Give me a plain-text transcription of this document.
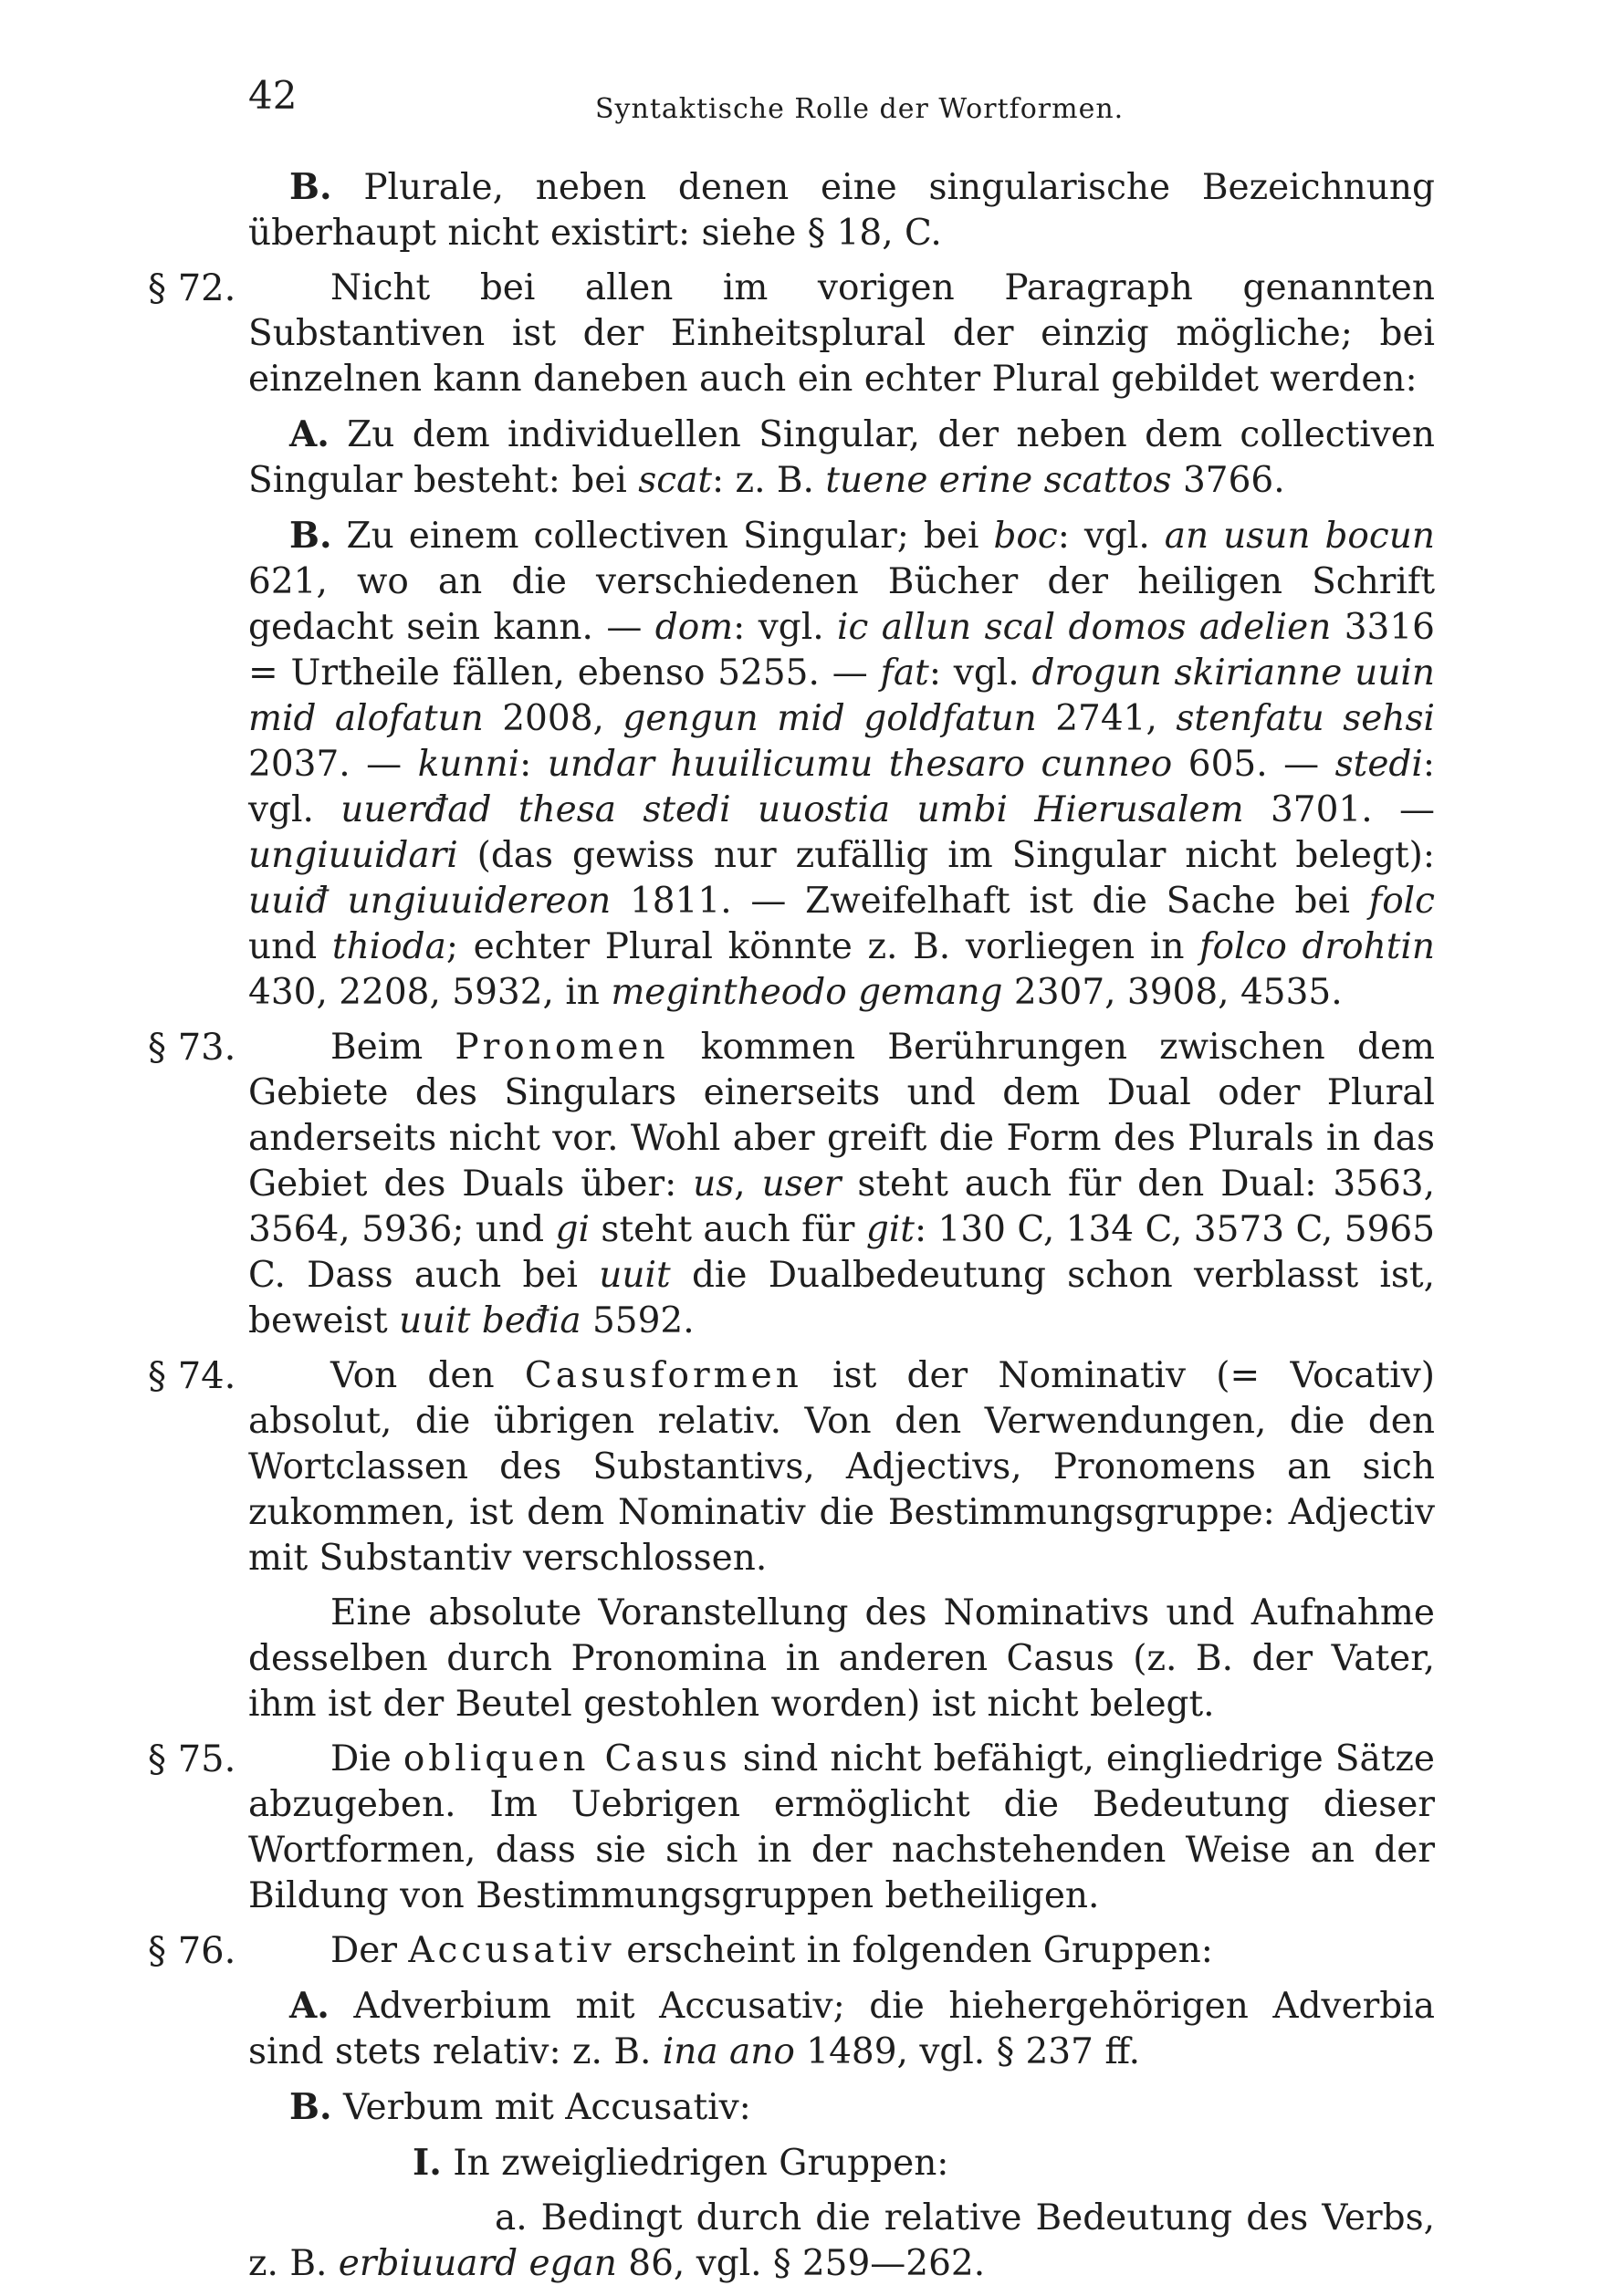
42	Syntaktische Rolle der Wortformen.

B. Plurale, neben denen eine singularische Bezeichnung überhaupt nicht existirt: siehe § 18, C.

§ 72.	Nicht bei allen im vorigen Paragraph genannten Substantiven ist der Einheitsplural der einzig mögliche; bei einzelnen kann daneben auch ein echter Plural gebildet werden:

A. Zu dem individuellen Singular, der neben dem collectiven Singular besteht: bei scat: z. B. tuene erine scattos 3766.

B. Zu einem collectiven Singular; bei boc: vgl. an usun bocun 621, wo an die verschiedenen Bücher der heiligen Schrift gedacht sein kann. — dom: vgl. ic allun scal domos adelien 3316 = Urtheile fällen, ebenso 5255. — fat: vgl. drogun skirianne uuin mid alofatun 2008, gengun mid goldfatun 2741, stenfatu sehsi 2037. — kunni: undar huuilicumu thesaro cunneo 605. — stedi: vgl. uuerđad thesa stedi uuostia umbi Hierusalem 3701. — ungiuuidari (das gewiss nur zufällig im Singular nicht belegt): uuiđ ungiuuidereon 1811. — Zweifelhaft ist die Sache bei folc und thioda; echter Plural könnte z. B. vorliegen in folco drohtin 430, 2208, 5932, in megintheodo gemang 2307, 3908, 4535.

§ 73.	Beim Pronomen kommen Berührungen zwischen dem Gebiete des Singulars einerseits und dem Dual oder Plural anderseits nicht vor. Wohl aber greift die Form des Plurals in das Gebiet des Duals über: us, user steht auch für den Dual: 3563, 3564, 5936; und gi steht auch für git: 130 C, 134 C, 3573 C, 5965 C. Dass auch bei uuit die Dualbedeutung schon verblasst ist, beweist uuit beđia 5592.

§ 74.	Von den Casusformen ist der Nominativ (= Vocativ) absolut, die übrigen relativ. Von den Verwendungen, die den Wortclassen des Substantivs, Adjectivs, Pronomens an sich zukommen, ist dem Nominativ die Bestimmungsgruppe: Adjectiv mit Substantiv verschlossen.

Eine absolute Voranstellung des Nominativs und Aufnahme desselben durch Pronomina in anderen Casus (z. B. der Vater, ihm ist der Beutel gestohlen worden) ist nicht belegt.

§ 75.	Die obliquen Casus sind nicht befähigt, eingliedrige Sätze abzugeben. Im Uebrigen ermöglicht die Bedeutung dieser Wortformen, dass sie sich in der nachstehenden Weise an der Bildung von Bestimmungsgruppen betheiligen.

§ 76.	Der Accusativ erscheint in folgenden Gruppen:

A. Adverbium mit Accusativ; die hiehergehörigen Adverbia sind stets relativ: z. B. ina ano 1489, vgl. § 237 ff.

B. Verbum mit Accusativ:

I. In zweigliedrigen Gruppen:

a. Bedingt durch die relative Bedeutung des Verbs, z. B. erbiuuard egan 86, vgl. § 259—262.
